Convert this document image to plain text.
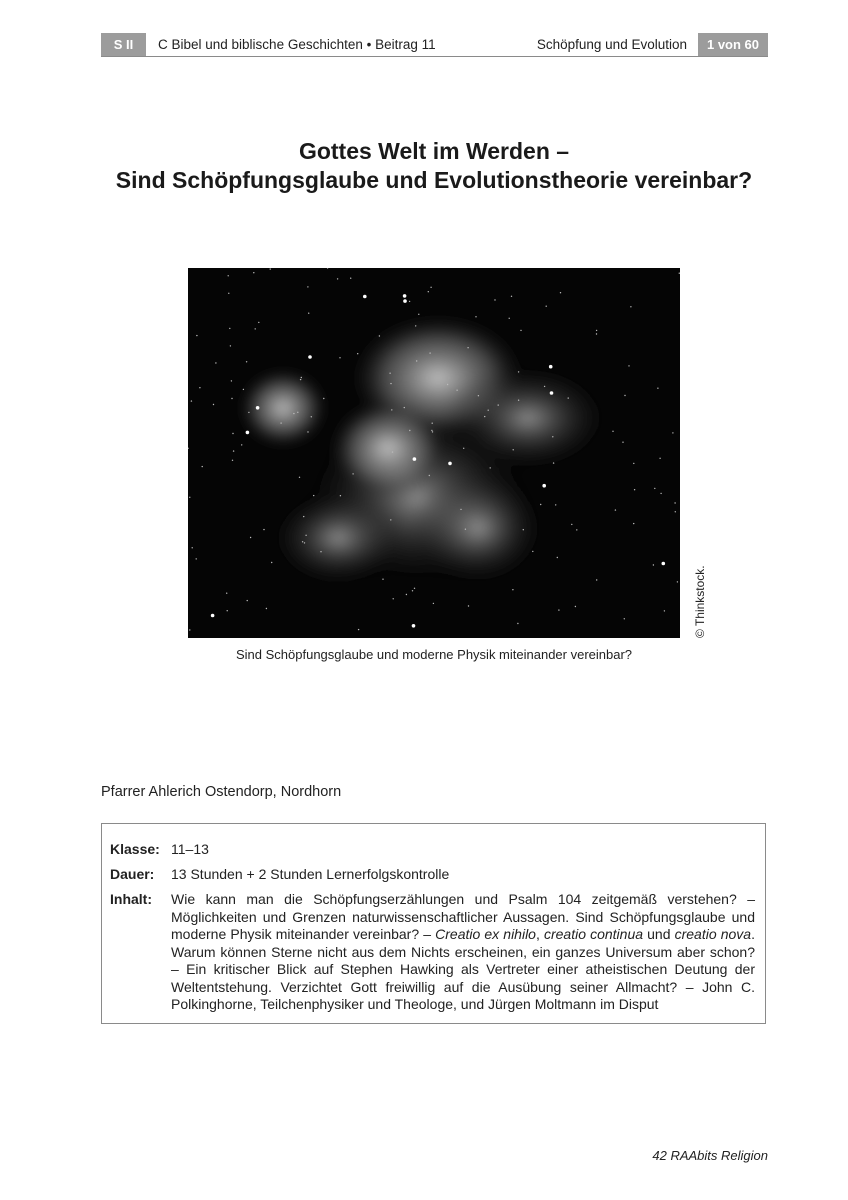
S II	C Bibel und biblische Geschichten • Beitrag 11	Schöpfung und Evolution	1 von 60
Gottes Welt im Werden –
Sind Schöpfungsglaube und Evolutionstheorie vereinbar?
© Thinkstock.
Sind Schöpfungsglaube und moderne Physik miteinander vereinbar?
Pfarrer Ahlerich Ostendorp, Nordhorn
Klasse: 11–13
Dauer: 13 Stunden + 2 Stunden Lernerfolgskontrolle
Inhalt: Wie kann man die Schöpfungserzählungen und Psalm 104 zeitgemäß verstehen? – Möglichkeiten und Grenzen naturwissenschaftlicher Aussagen. Sind Schöpfungsglaube und moderne Physik miteinander vereinbar? – Creatio ex nihilo, creatio continua und creatio nova. Warum können Sterne nicht aus dem Nichts erscheinen, ein ganzes Universum aber schon? – Ein kritischer Blick auf Stephen Hawking als Vertreter einer atheistischen Deutung der Weltentstehung. Verzichtet Gott freiwillig auf die Ausübung seiner Allmacht? – John C. Polkinghorne, Teilchenphysiker und Theologe, und Jürgen Moltmann im Disput
42 RAAbits Religion
